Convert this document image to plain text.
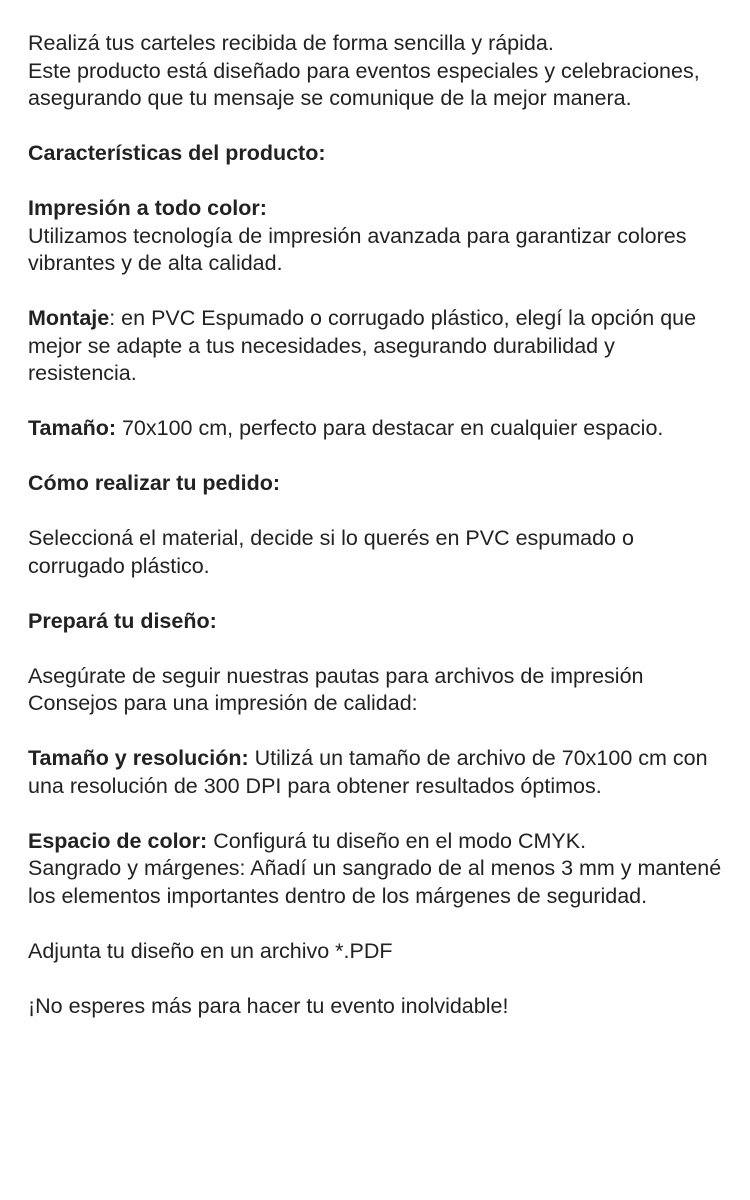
Realizá tus carteles recibida de forma sencilla y rápida.

Este producto está diseñado para eventos especiales y celebraciones, asegurando que tu mensaje se comunique de la mejor manera.

Características del producto:

Impresión a todo color:

Utilizamos tecnología de impresión avanzada para garantizar colores vibrantes y de alta calidad.

Montaje: en PVC Espumado o corrugado plástico, elegí la opción que mejor se adapte a tus necesidades, asegurando durabilidad y resistencia.

Tamaño: 70x100 cm, perfecto para destacar en cualquier espacio.

Cómo realizar tu pedido:

Seleccioná el material, decide si lo querés en PVC espumado o corrugado plástico.

Prepará tu diseño:

Asegúrate de seguir nuestras pautas para archivos de impresión

Consejos para una impresión de calidad:

Tamaño y resolución: Utilizá un tamaño de archivo de 70x100 cm con una resolución de 300 DPI para obtener resultados óptimos.

Espacio de color: Configurá tu diseño en el modo CMYK.

Sangrado y márgenes: Añadí un sangrado de al menos 3 mm y mantené los elementos importantes dentro de los márgenes de seguridad.

Adjunta tu diseño en un archivo *.PDF

¡No esperes más para hacer tu evento inolvidable!
